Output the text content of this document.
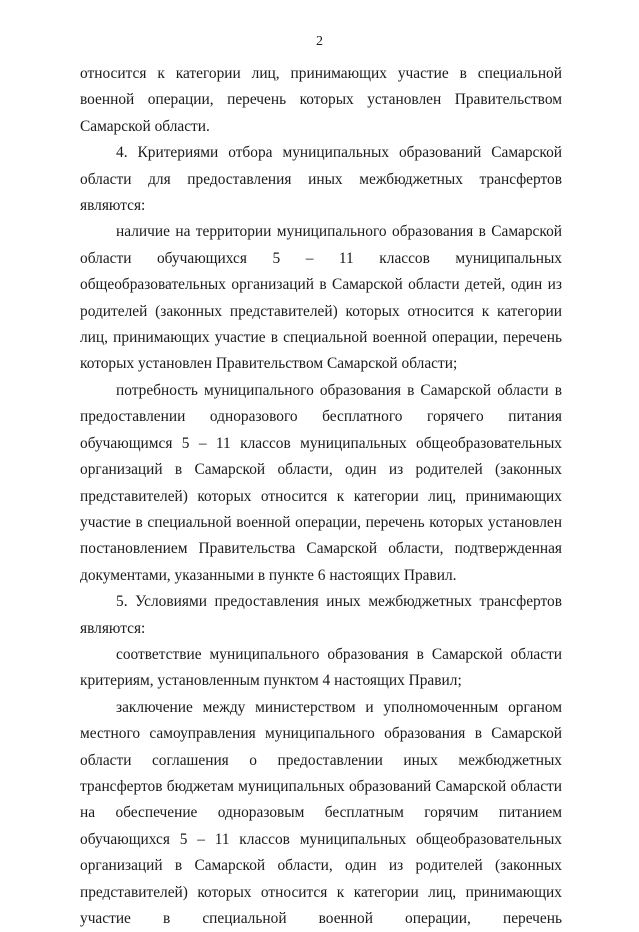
2

относится к категории лиц, принимающих участие в специальной военной операции, перечень которых установлен Правительством Самарской области.

4. Критериями отбора муниципальных образований Самарской области для предоставления иных межбюджетных трансфертов являются:

наличие на территории муниципального образования в Самарской области обучающихся 5 – 11 классов муниципальных общеобразовательных организаций в Самарской области детей, один из родителей (законных представителей) которых относится к категории лиц, принимающих участие в специальной военной операции, перечень которых установлен Правительством Самарской области;

потребность муниципального образования в Самарской области в предоставлении одноразового бесплатного горячего питания обучающимся 5 – 11 классов муниципальных общеобразовательных организаций в Самарской области, один из родителей (законных представителей) которых относится к категории лиц, принимающих участие в специальной военной операции, перечень которых установлен постановлением Правительства Самарской области, подтвержденная документами, указанными в пункте 6 настоящих Правил.

5. Условиями предоставления иных межбюджетных трансфертов являются:

соответствие муниципального образования в Самарской области критериям, установленным пунктом 4 настоящих Правил;

заключение между министерством и уполномоченным органом местного самоуправления муниципального образования в Самарской области соглашения о предоставлении иных межбюджетных трансфертов бюджетам муниципальных образований Самарской области на обеспечение одноразовым бесплатным горячим питанием обучающихся 5 – 11 классов муниципальных общеобразовательных организаций в Самарской области, один из родителей (законных представителей) которых относится к категории лиц, принимающих участие в специальной военной операции, перечень
